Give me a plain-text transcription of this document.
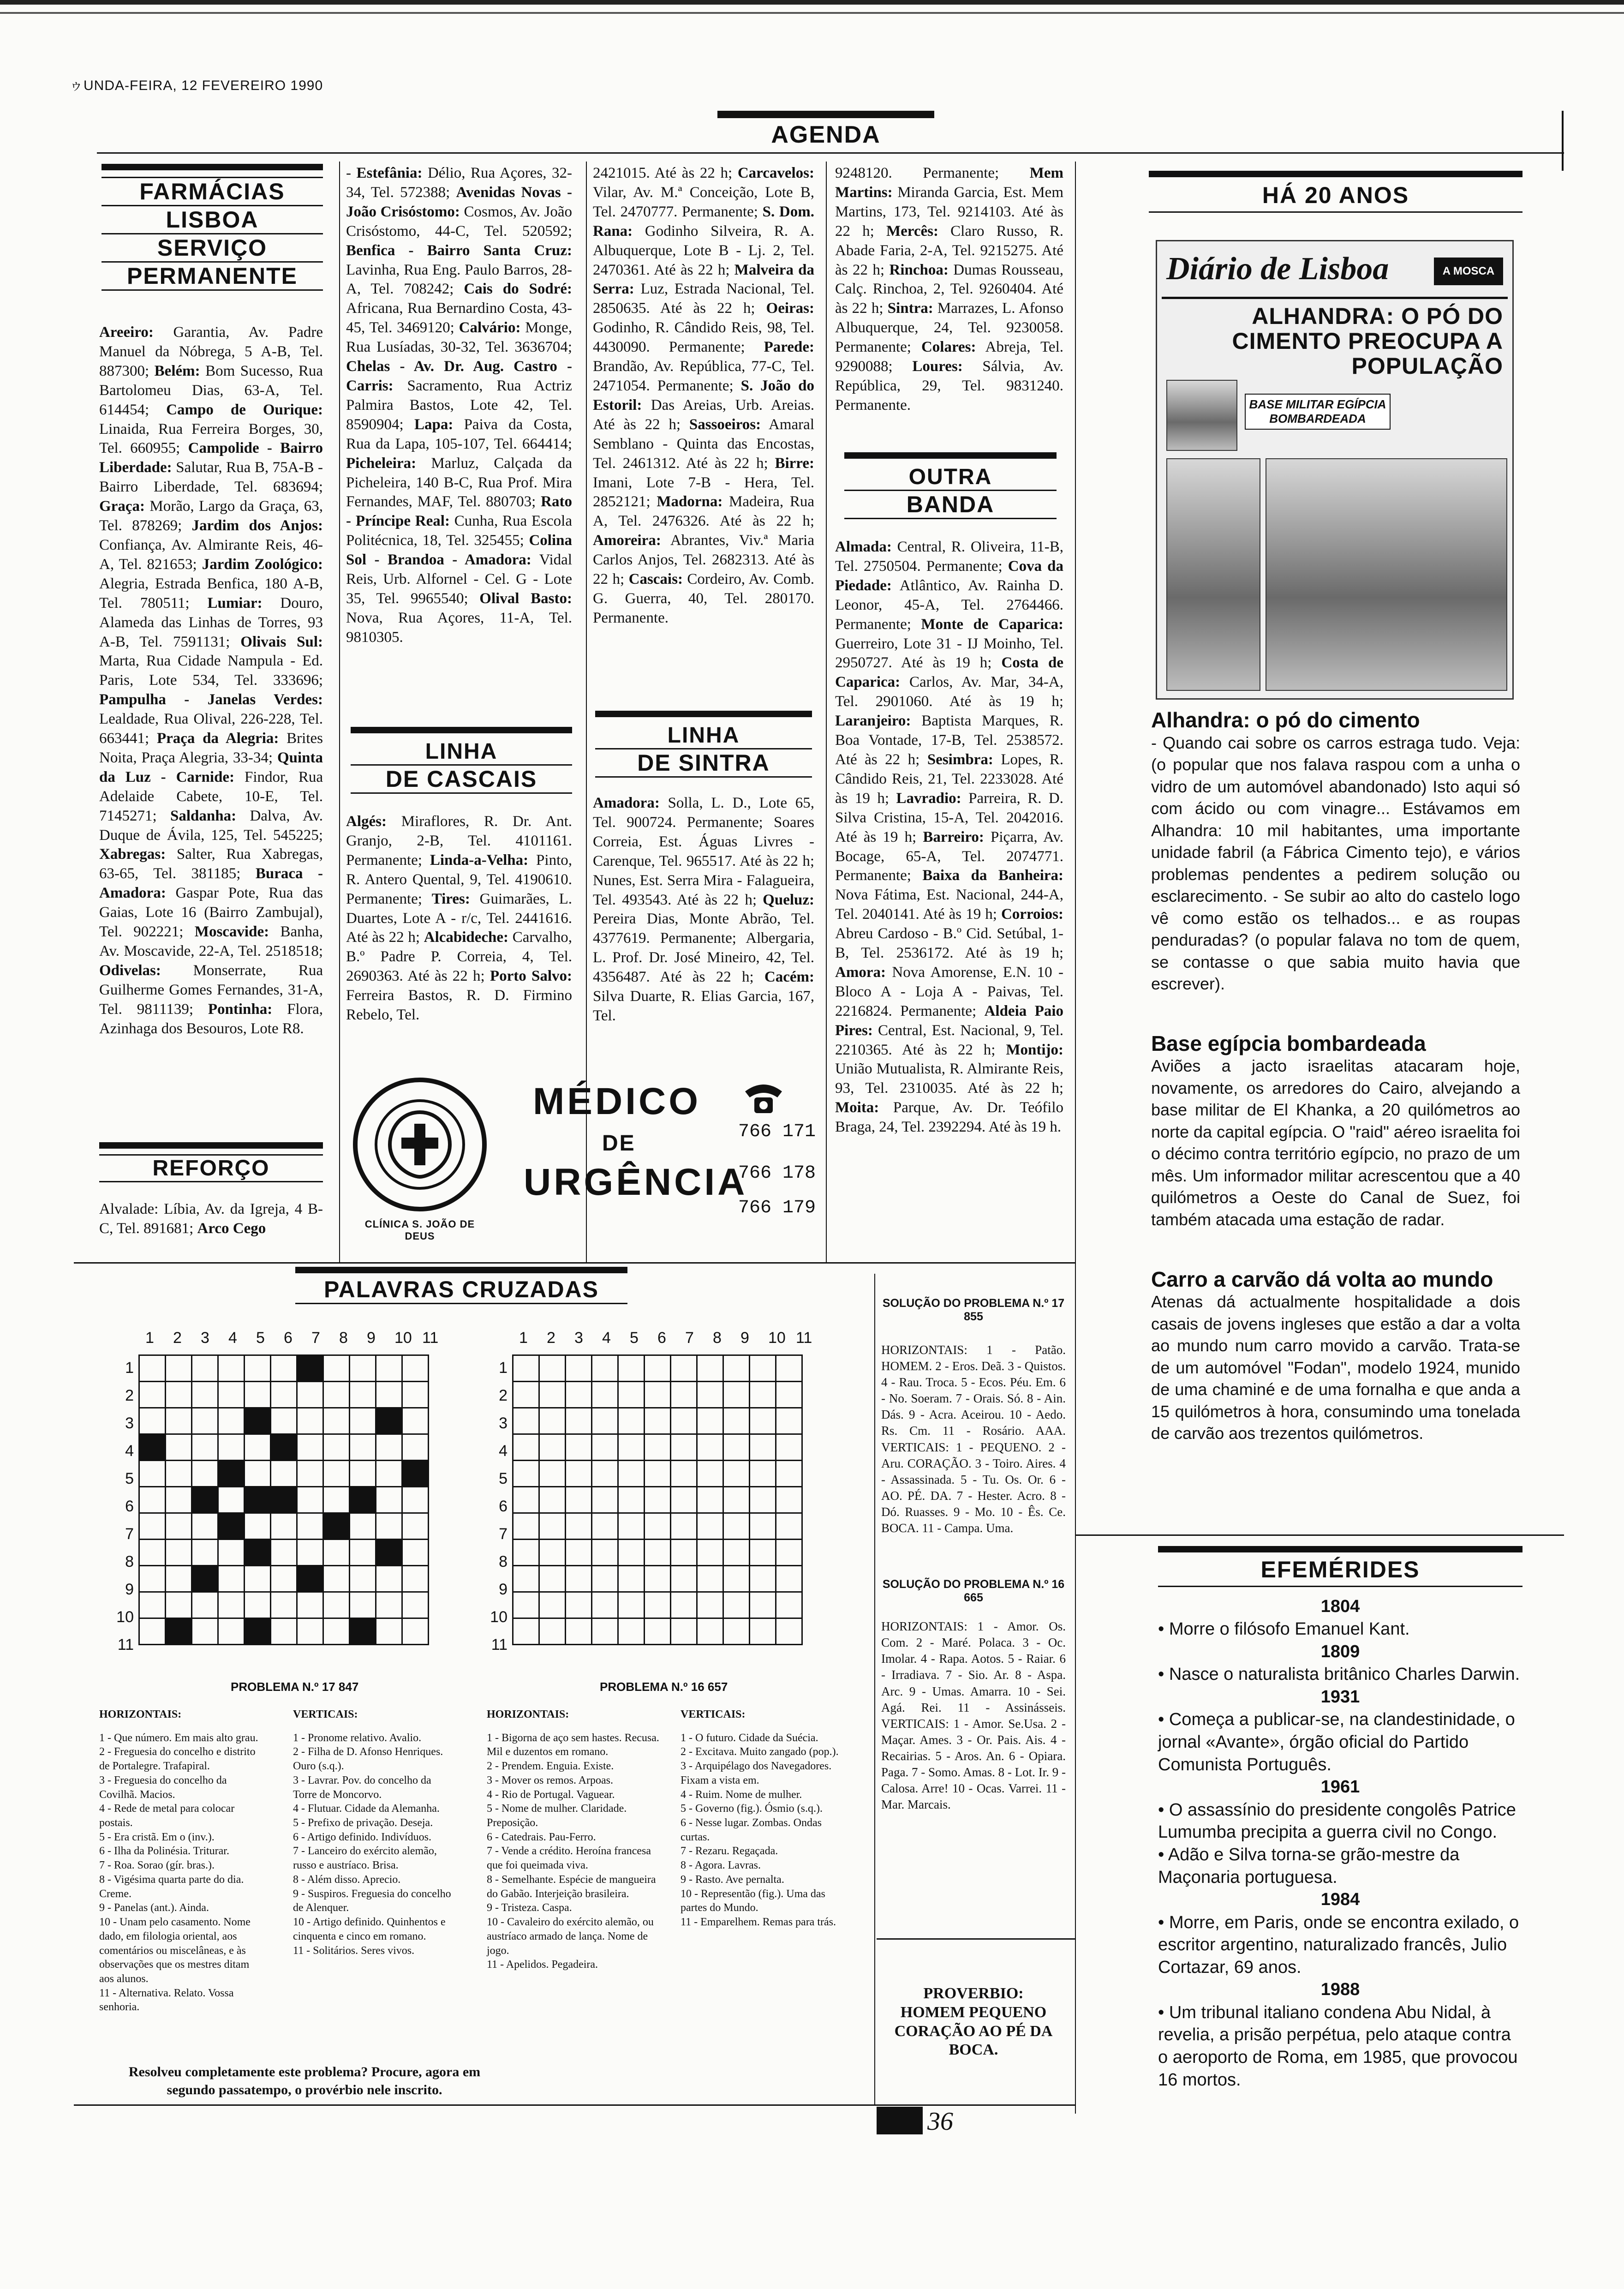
ゥUNDA-FEIRA, 12 FEVEREIRO 1990
AGENDA
FARMÁCIAS
LISBOA
SERVIÇO
PERMANENTE
Areeiro: Garantia, Av. Padre Manuel da Nóbrega, 5 A-B, Tel. 887300; Belém: Bom Sucesso, Rua Bartolomeu Dias, 63-A, Tel. 614454; Campo de Ourique: Linaida, Rua Ferreira Borges, 30, Tel. 660955; Campolide - Bairro Liberdade: Salutar, Rua B, 75A-B - Bairro Liberdade, Tel. 683694; Graça: Morão, Largo da Graça, 63, Tel. 878269; Jardim dos Anjos: Confiança, Av. Almirante Reis, 46-A, Tel. 821653; Jardim Zoológico: Alegria, Estrada Benfica, 180 A-B, Tel. 780511; Lumiar: Douro, Alameda das Linhas de Torres, 93 A-B, Tel. 7591131; Olivais Sul: Marta, Rua Cidade Nampula - Ed. Paris, Lote 534, Tel. 333696; Pampulha - Janelas Verdes: Lealdade, Rua Olival, 226-228, Tel. 663441; Praça da Alegria: Brites Noita, Praça Alegria, 33-34; Quinta da Luz - Carnide: Findor, Rua Adelaide Cabete, 10-E, Tel. 7145271; Saldanha: Dalva, Av. Duque de Ávila, 125, Tel. 545225; Xabregas: Salter, Rua Xabregas, 63-65, Tel. 381185; Buraca - Amadora: Gaspar Pote, Rua das Gaias, Lote 16 (Bairro Zambujal), Tel. 902221; Moscavide: Banha, Av. Moscavide, 22-A, Tel. 2518518; Odivelas: Monserrate, Rua Guilherme Gomes Fernandes, 31-A, Tel. 9811139; Pontinha: Flora, Azinhaga dos Besouros, Lote R8.
REFORÇO
Alvalade: Líbia, Av. da Igreja, 4 B-C, Tel. 891681; Arco Cego
- Estefânia: Délio, Rua Açores, 32-34, Tel. 572388; Avenidas Novas - João Crisóstomo: Cosmos, Av. João Crisóstomo, 44-C, Tel. 520592; Benfica - Bairro Santa Cruz: Lavinha, Rua Eng. Paulo Barros, 28-A, Tel. 708242; Cais do Sodré: Africana, Rua Bernardino Costa, 43-45, Tel. 3469120; Calvário: Monge, Rua Lusíadas, 30-32, Tel. 3636704; Chelas - Av. Dr. Aug. Castro - Carris: Sacramento, Rua Actriz Palmira Bastos, Lote 42, Tel. 8590904; Lapa: Paiva da Costa, Rua da Lapa, 105-107, Tel. 664414; Picheleira: Marluz, Calçada da Picheleira, 140 B-C, Rua Prof. Mira Fernandes, MAF, Tel. 880703; Rato - Príncipe Real: Cunha, Rua Escola Politécnica, 18, Tel. 325455; Colina Sol - Brandoa - Amadora: Vidal Reis, Urb. Alfornel - Cel. G - Lote 35, Tel. 9965540; Olival Basto: Nova, Rua Açores, 11-A, Tel. 9810305.
LINHA
DE CASCAIS
Algés: Miraflores, R. Dr. Ant. Granjo, 2-B, Tel. 4101161. Permanente; Linda-a-Velha: Pinto, R. Antero Quental, 9, Tel. 4190610. Permanente; Tires: Guimarães, L. Duartes, Lote A - r/c, Tel. 2441616. Até às 22 h; Alcabideche: Carvalho, B.º Padre P. Correia, 4, Tel. 2690363. Até às 22 h; Porto Salvo: Ferreira Bastos, R. D. Firmino Rebelo, Tel.
2421015. Até às 22 h; Carcavelos: Vilar, Av. M.ª Conceição, Lote B, Tel. 2470777. Permanente; S. Dom. Rana: Godinho Silveira, R. A. Albuquerque, Lote B - Lj. 2, Tel. 2470361. Até às 22 h; Malveira da Serra: Luz, Estrada Nacional, Tel. 2850635. Até às 22 h; Oeiras: Godinho, R. Cândido Reis, 98, Tel. 4430090. Permanente; Parede: Brandão, Av. República, 77-C, Tel. 2471054. Permanente; S. João do Estoril: Das Areias, Urb. Areias. Até às 22 h; Sassoeiros: Amaral Semblano - Quinta das Encostas, Tel. 2461312. Até às 22 h; Birre: Imani, Lote 7-B - Hera, Tel. 2852121; Madorna: Madeira, Rua A, Tel. 2476326. Até às 22 h; Amoreira: Abrantes, Viv.ª Maria Carlos Anjos, Tel. 2682313. Até às 22 h; Cascais: Cordeiro, Av. Comb. G. Guerra, 40, Tel. 280170. Permanente.
LINHA
DE SINTRA
Amadora: Solla, L. D., Lote 65, Tel. 900724. Permanente; Soares Correia, Est. Águas Livres - Carenque, Tel. 965517. Até às 22 h; Nunes, Est. Serra Mira - Falagueira, Tel. 493543. Até às 22 h; Queluz: Pereira Dias, Monte Abrão, Tel. 4377619. Permanente; Albergaria, L. Prof. Dr. José Mineiro, 42, Tel. 4356487. Até às 22 h; Cacém: Silva Duarte, R. Elias Garcia, 167, Tel.
9248120. Permanente; Mem Martins: Miranda Garcia, Est. Mem Martins, 173, Tel. 9214103. Até às 22 h; Mercês: Claro Russo, R. Abade Faria, 2-A, Tel. 9215275. Até às 22 h; Rinchoa: Dumas Rousseau, Calç. Rinchoa, 2, Tel. 9260404. Até às 22 h; Sintra: Marrazes, L. Afonso Albuquerque, 24, Tel. 9230058. Permanente; Colares: Abreja, Tel. 9290088; Loures: Sálvia, Av. República, 29, Tel. 9831240. Permanente.
OUTRA
BANDA
Almada: Central, R. Oliveira, 11-B, Tel. 2750504. Permanente; Cova da Piedade: Atlântico, Av. Rainha D. Leonor, 45-A, Tel. 2764466. Permanente; Monte de Caparica: Guerreiro, Lote 31 - IJ Moinho, Tel. 2950727. Até às 19 h; Costa de Caparica: Carlos, Av. Mar, 34-A, Tel. 2901060. Até às 19 h; Laranjeiro: Baptista Marques, R. Boa Vontade, 17-B, Tel. 2538572. Até às 22 h; Sesimbra: Lopes, R. Cândido Reis, 21, Tel. 2233028. Até às 19 h; Lavradio: Parreira, R. D. Silva Cristina, 15-A, Tel. 2042016. Até às 19 h; Barreiro: Piçarra, Av. Bocage, 65-A, Tel. 2074771. Permanente; Baixa da Banheira: Nova Fátima, Est. Nacional, 244-A, Tel. 2040141. Até às 19 h; Corroios: Abreu Cardoso - B.º Cid. Setúbal, 1-B, Tel. 2536172. Até às 19 h; Amora: Nova Amorense, E.N. 10 - Bloco A - Loja A - Paivas, Tel. 2216824. Permanente; Aldeia Paio Pires: Central, Est. Nacional, 9, Tel. 2210365. Até às 22 h; Montijo: União Mutualista, R. Almirante Reis, 93, Tel. 2310035. Até às 22 h; Moita: Parque, Av. Dr. Teófilo Braga, 24, Tel. 2392294. Até às 19 h.
CLÍNICA S. JOÃO DE DEUS
MÉDICO
DE
URGÊNCIA
766 171
766 178
766 179
HÁ 20 ANOS
Diário de Lisboa	A MOSCA
ALHANDRA: O PÓ DO CIMENTO PREOCUPA A POPULAÇÃO
BASE MILITAR EGÍPCIA BOMBARDEADA
Alhandra: o pó do cimento
- Quando cai sobre os carros estraga tudo. Veja: (o popular que nos falava raspou com a unha o vidro de um automóvel abandonado) Isto aqui só com ácido ou com vinagre... Estávamos em Alhandra: 10 mil habitantes, uma importante unidade fabril (a Fábrica Cimento tejo), e vários problemas pendentes a pedirem solução ou esclarecimento. - Se subir ao alto do castelo logo vê como estão os telhados... e as roupas penduradas? (o popular falava no tom de quem, se contasse o que sabia muito havia que escrever).
Base egípcia bombardeada
Aviões a jacto israelitas atacaram hoje, novamente, os arredores do Cairo, alvejando a base militar de El Khanka, a 20 quilómetros ao norte da capital egípcia. O "raid" aéreo israelita foi o décimo contra território egípcio, no prazo de um mês. Um informador militar acrescentou que a 40 quilómetros a Oeste do Canal de Suez, foi também atacada uma estação de radar.
Carro a carvão dá volta ao mundo
Atenas dá actualmente hospitalidade a dois casais de jovens ingleses que estão a dar a volta ao mundo num carro movido a carvão. Trata-se de um automóvel "Fodan", modelo 1924, munido de uma chaminé e de uma fornalha e que anda a 15 quilómetros à hora, consumindo uma tonelada de carvão aos trezentos quilómetros.
EFEMÉRIDES
1804
• Morre o filósofo Emanuel Kant.
1809
• Nasce o naturalista britânico Charles Darwin.
1931
• Começa a publicar-se, na clandestinidade, o jornal «Avante», órgão oficial do Partido Comunista Português.
1961
• O assassínio do presidente congolês Patrice Lumumba precipita a guerra civil no Congo.
• Adão e Silva torna-se grão-mestre da Maçonaria portuguesa.
1984
• Morre, em Paris, onde se encontra exilado, o escritor argentino, naturalizado francês, Julio Cortazar, 69 anos.
1988
• Um tribunal italiano condena Abu Nidal, à revelia, a prisão perpétua, pelo ataque contra o aeroporto de Roma, em 1985, que provocou 16 mortos.
PALAVRAS CRUZADAS
1 2 3 4 5 6 7 8 9 10 11
1
2
3
4
5
6
7
8
9
10
11

1 2 3 4 5 6 7 8 9 10 11
1
2
3
4
5
6
7
8
9
10
11

PROBLEMA N.º 17 847	PROBLEMA N.º 16 657
HORIZONTAIS:
1 - Que número. Em mais alto grau.
2 - Freguesia do concelho e distrito de Portalegre. Trafapiral.
3 - Freguesia do concelho da Covilhã. Macios.
4 - Rede de metal para colocar postais.
5 - Era cristã. Em o (inv.).
6 - Ilha da Polinésia. Triturar.
7 - Roa. Sorao (gír. bras.).
8 - Vigésima quarta parte do dia. Creme.
9 - Panelas (ant.). Ainda.
10 - Unam pelo casamento. Nome dado, em filologia oriental, aos comentários ou miscelâneas, e às observações que os mestres ditam aos alunos.
11 - Alternativa. Relato. Vossa senhoria.
VERTICAIS:
1 - Pronome relativo. Avalio.
2 - Filha de D. Afonso Henriques. Ouro (s.q.).
3 - Lavrar. Pov. do concelho da Torre de Moncorvo.
4 - Flutuar. Cidade da Alemanha.
5 - Prefixo de privação. Deseja.
6 - Artigo definido. Indivíduos.
7 - Lanceiro do exército alemão, russo e austríaco. Brisa.
8 - Além disso. Aprecio.
9 - Suspiros. Freguesia do concelho de Alenquer.
10 - Artigo definido. Quinhentos e cinquenta e cinco em romano.
11 - Solitários. Seres vivos.
HORIZONTAIS:
1 - Bigorna de aço sem hastes. Recusa. Mil e duzentos em romano.
2 - Prendem. Enguia. Existe.
3 - Mover os remos. Arpoas.
4 - Rio de Portugal. Vaguear.
5 - Nome de mulher. Claridade. Preposição.
6 - Catedrais. Pau-Ferro.
7 - Vende a crédito. Heroína francesa que foi queimada viva.
8 - Semelhante. Espécie de mangueira do Gabão. Interjeição brasileira.
9 - Tristeza. Caspa.
10 - Cavaleiro do exército alemão, ou austríaco armado de lança. Nome de jogo.
11 - Apelidos. Pegadeira.
VERTICAIS:
1 - O futuro. Cidade da Suécia.
2 - Excitava. Muito zangado (pop.).
3 - Arquipélago dos Navegadores. Fixam a vista em.
4 - Ruim. Nome de mulher.
5 - Governo (fig.). Ósmio (s.q.).
6 - Nesse lugar. Zombas. Ondas curtas.
7 - Rezaru. Regaçada.
8 - Agora. Lavras.
9 - Rasto. Ave pernalta.
10 - Representão (fig.). Uma das partes do Mundo.
11 - Emparelhem. Remas para trás.
Resolveu completamente este problema? Procure, agora em segundo passatempo, o provérbio nele inscrito.
SOLUÇÃO DO PROBLEMA N.º 17 855
HORIZONTAIS: 1 - Patão. HOMEM. 2 - Eros. Deã. 3 - Quistos. 4 - Rau. Troca. 5 - Ecos. Péu. Em. 6 - No. Soeram. 7 - Orais. Só. 8 - Ain. Dás. 9 - Acra. Aceirou. 10 - Aedo. Rs. Cm. 11 - Rosário. AAA. VERTICAIS: 1 - PEQUENO. 2 - Aru. CORAÇÃO. 3 - Toiro. Aires. 4 - Assassinada. 5 - Tu. Os. Or. 6 - AO. PÉ. DA. 7 - Hester. Acro. 8 - Dó. Ruasses. 9 - Mo. 10 - Ês. Ce. BOCA. 11 - Campa. Uma.
SOLUÇÃO DO PROBLEMA N.º 16 665
HORIZONTAIS: 1 - Amor. Os. Com. 2 - Maré. Polaca. 3 - Oc. Imolar. 4 - Rapa. Aotos. 5 - Raiar. 6 - Irradiava. 7 - Sio. Ar. 8 - Aspa. Arc. 9 - Umas. Amarra. 10 - Sei. Agá. Rei. 11 - Assinásseis. VERTICAIS: 1 - Amor. Se.Usa. 2 - Maçar. Ames. 3 - Or. Pais. Ais. 4 - Recairias. 5 - Aros. An. 6 - Opiara. Paga. 7 - Somo. Amas. 8 - Lot. Ir. 9 - Calosa. Arre! 10 - Ocas. Varrei. 11 - Mar. Marcais.
PROVERBIO:
HOMEM PEQUENO CORAÇÃO AO PÉ DA BOCA.
36
